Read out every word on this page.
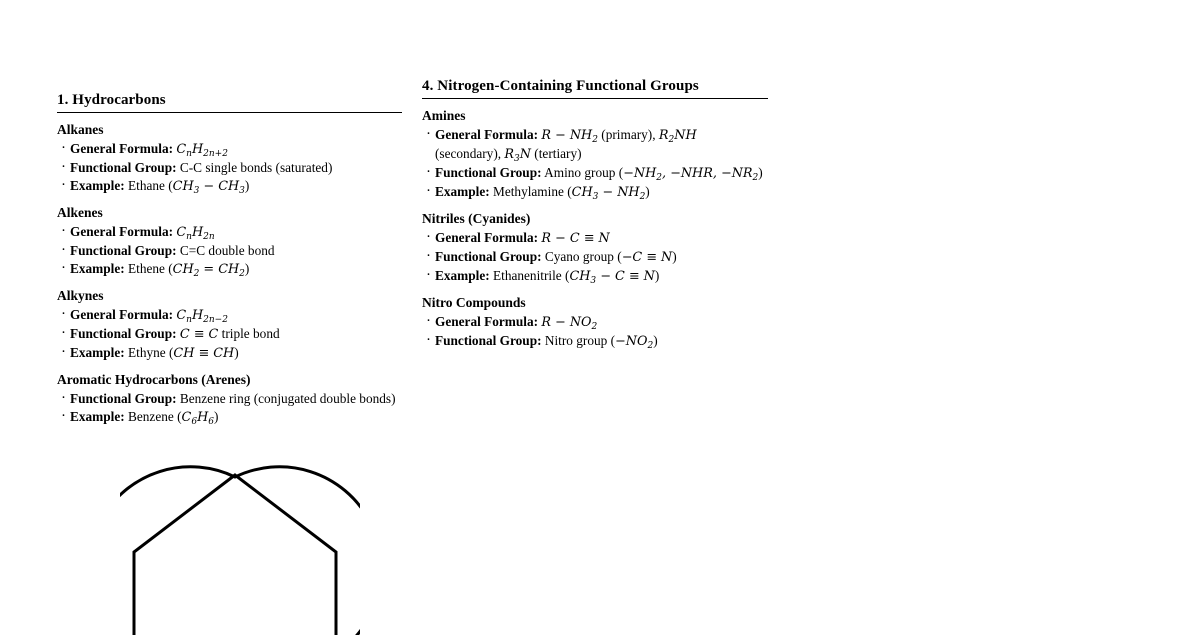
1. Hydrocarbons
Alkanes
· General Formula: $C_nH_{2n+2}$
· Functional Group: C-C single bonds (saturated)
· Example: Ethane $(CH_3 - CH_3)$
Alkenes
· General Formula: $C_nH_{2n}$
· Functional Group: C=C double bond
· Example: Ethene $(CH_2 = CH_2)$
Alkynes
· General Formula: $C_nH_{2n-2}$
· Functional Group: C ≡ C triple bond
· Example: Ethyne (CH ≡ CH)
Aromatic Hydrocarbons (Arenes)
· Functional Group: Benzene ring (conjugated double bonds)
· Example: Benzene $(C_6H_6)$
4. Nitrogen-Containing Functional Groups
Amines
· General Formula: $R - NH_2$ (primary), $R_2NH$
(secondary), $R_3N$ (tertiary)
· Functional Group: Amino group ($-NH_2$, −NHR, $-NR_2$)
· Example: Methylamine $(CH_3 - NH_2)$
Nitriles (Cyanides)
· General Formula: R − C ≡ N
· Functional Group: Cyano group (−C ≡ N)
· Example: Ethanenitrile $(CH_3 - C \equiv N)$
Nitro Compounds
· General Formula: $R - NO_2$
· Functional Group: Nitro group $(-NO_2)$
